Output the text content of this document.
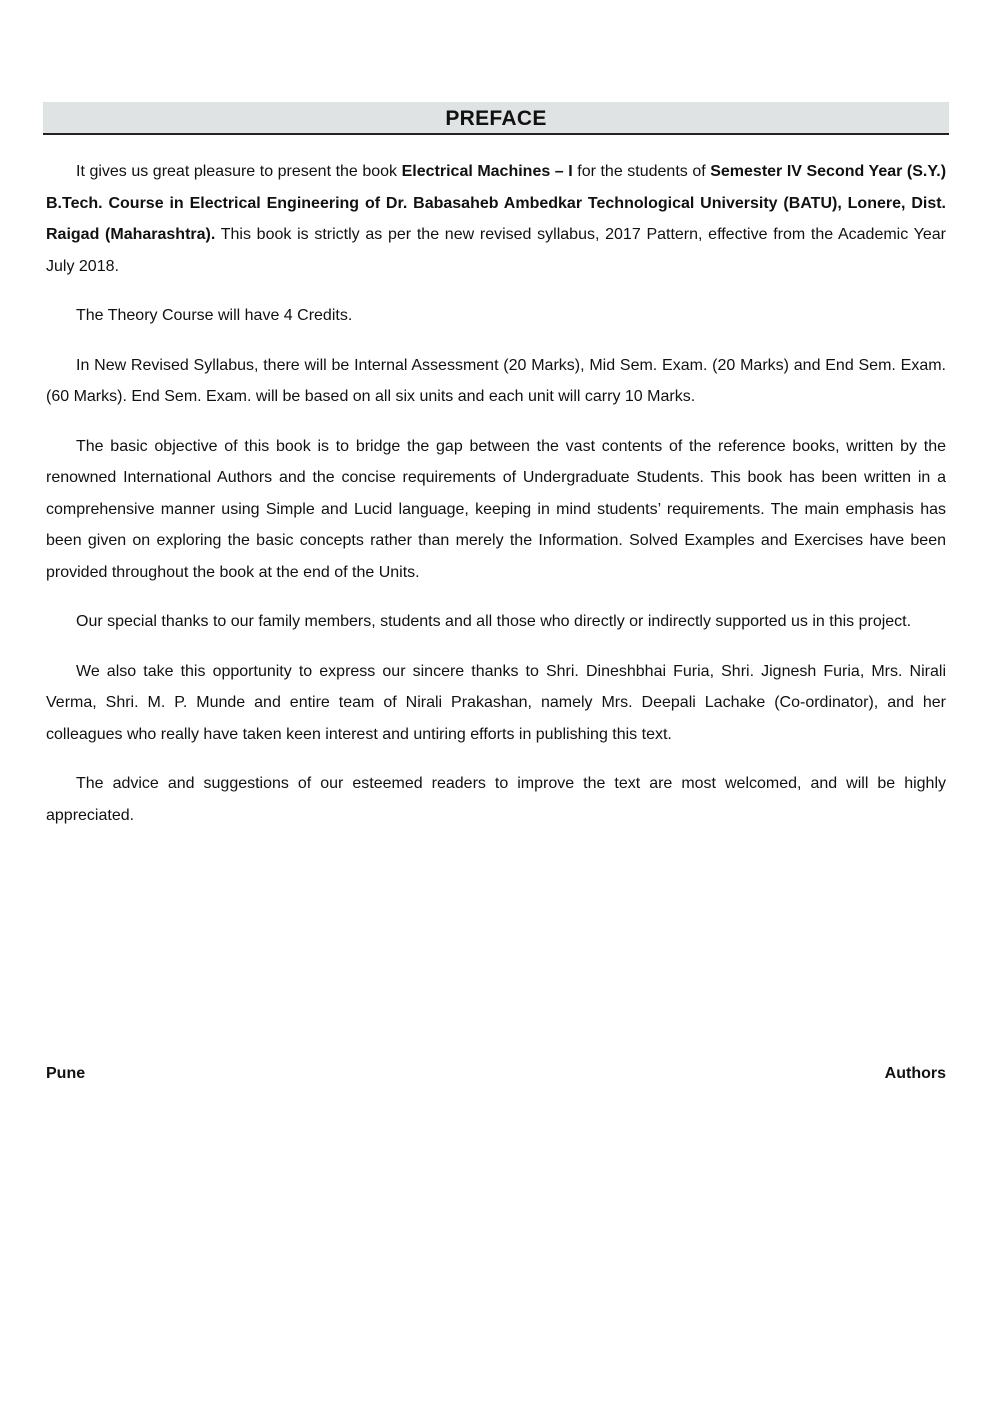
PREFACE

It gives us great pleasure to present the book Electrical Machines – I for the students of Semester IV Second Year (S.Y.) B.Tech. Course in Electrical Engineering of Dr. Babasaheb Ambedkar Technological University (BATU), Lonere, Dist. Raigad (Maharashtra). This book is strictly as per the new revised syllabus, 2017 Pattern, effective from the Academic Year July 2018.

The Theory Course will have 4 Credits.

In New Revised Syllabus, there will be Internal Assessment (20 Marks), Mid Sem. Exam. (20 Marks) and End Sem. Exam. (60 Marks). End Sem. Exam. will be based on all six units and each unit will carry 10 Marks.

The basic objective of this book is to bridge the gap between the vast contents of the reference books, written by the renowned International Authors and the concise requirements of Undergraduate Students. This book has been written in a comprehensive manner using Simple and Lucid language, keeping in mind students’ requirements. The main emphasis has been given on exploring the basic concepts rather than merely the Information. Solved Examples and Exercises have been provided throughout the book at the end of the Units.

Our special thanks to our family members, students and all those who directly or indirectly supported us in this project.

We also take this opportunity to express our sincere thanks to Shri. Dineshbhai Furia, Shri. Jignesh Furia, Mrs. Nirali Verma, Shri. M. P. Munde and entire team of Nirali Prakashan, namely Mrs. Deepali Lachake (Co-ordinator), and her colleagues who really have taken keen interest and untiring efforts in publishing this text.

The advice and suggestions of our esteemed readers to improve the text are most welcomed, and will be highly appreciated.

Pune	Authors
